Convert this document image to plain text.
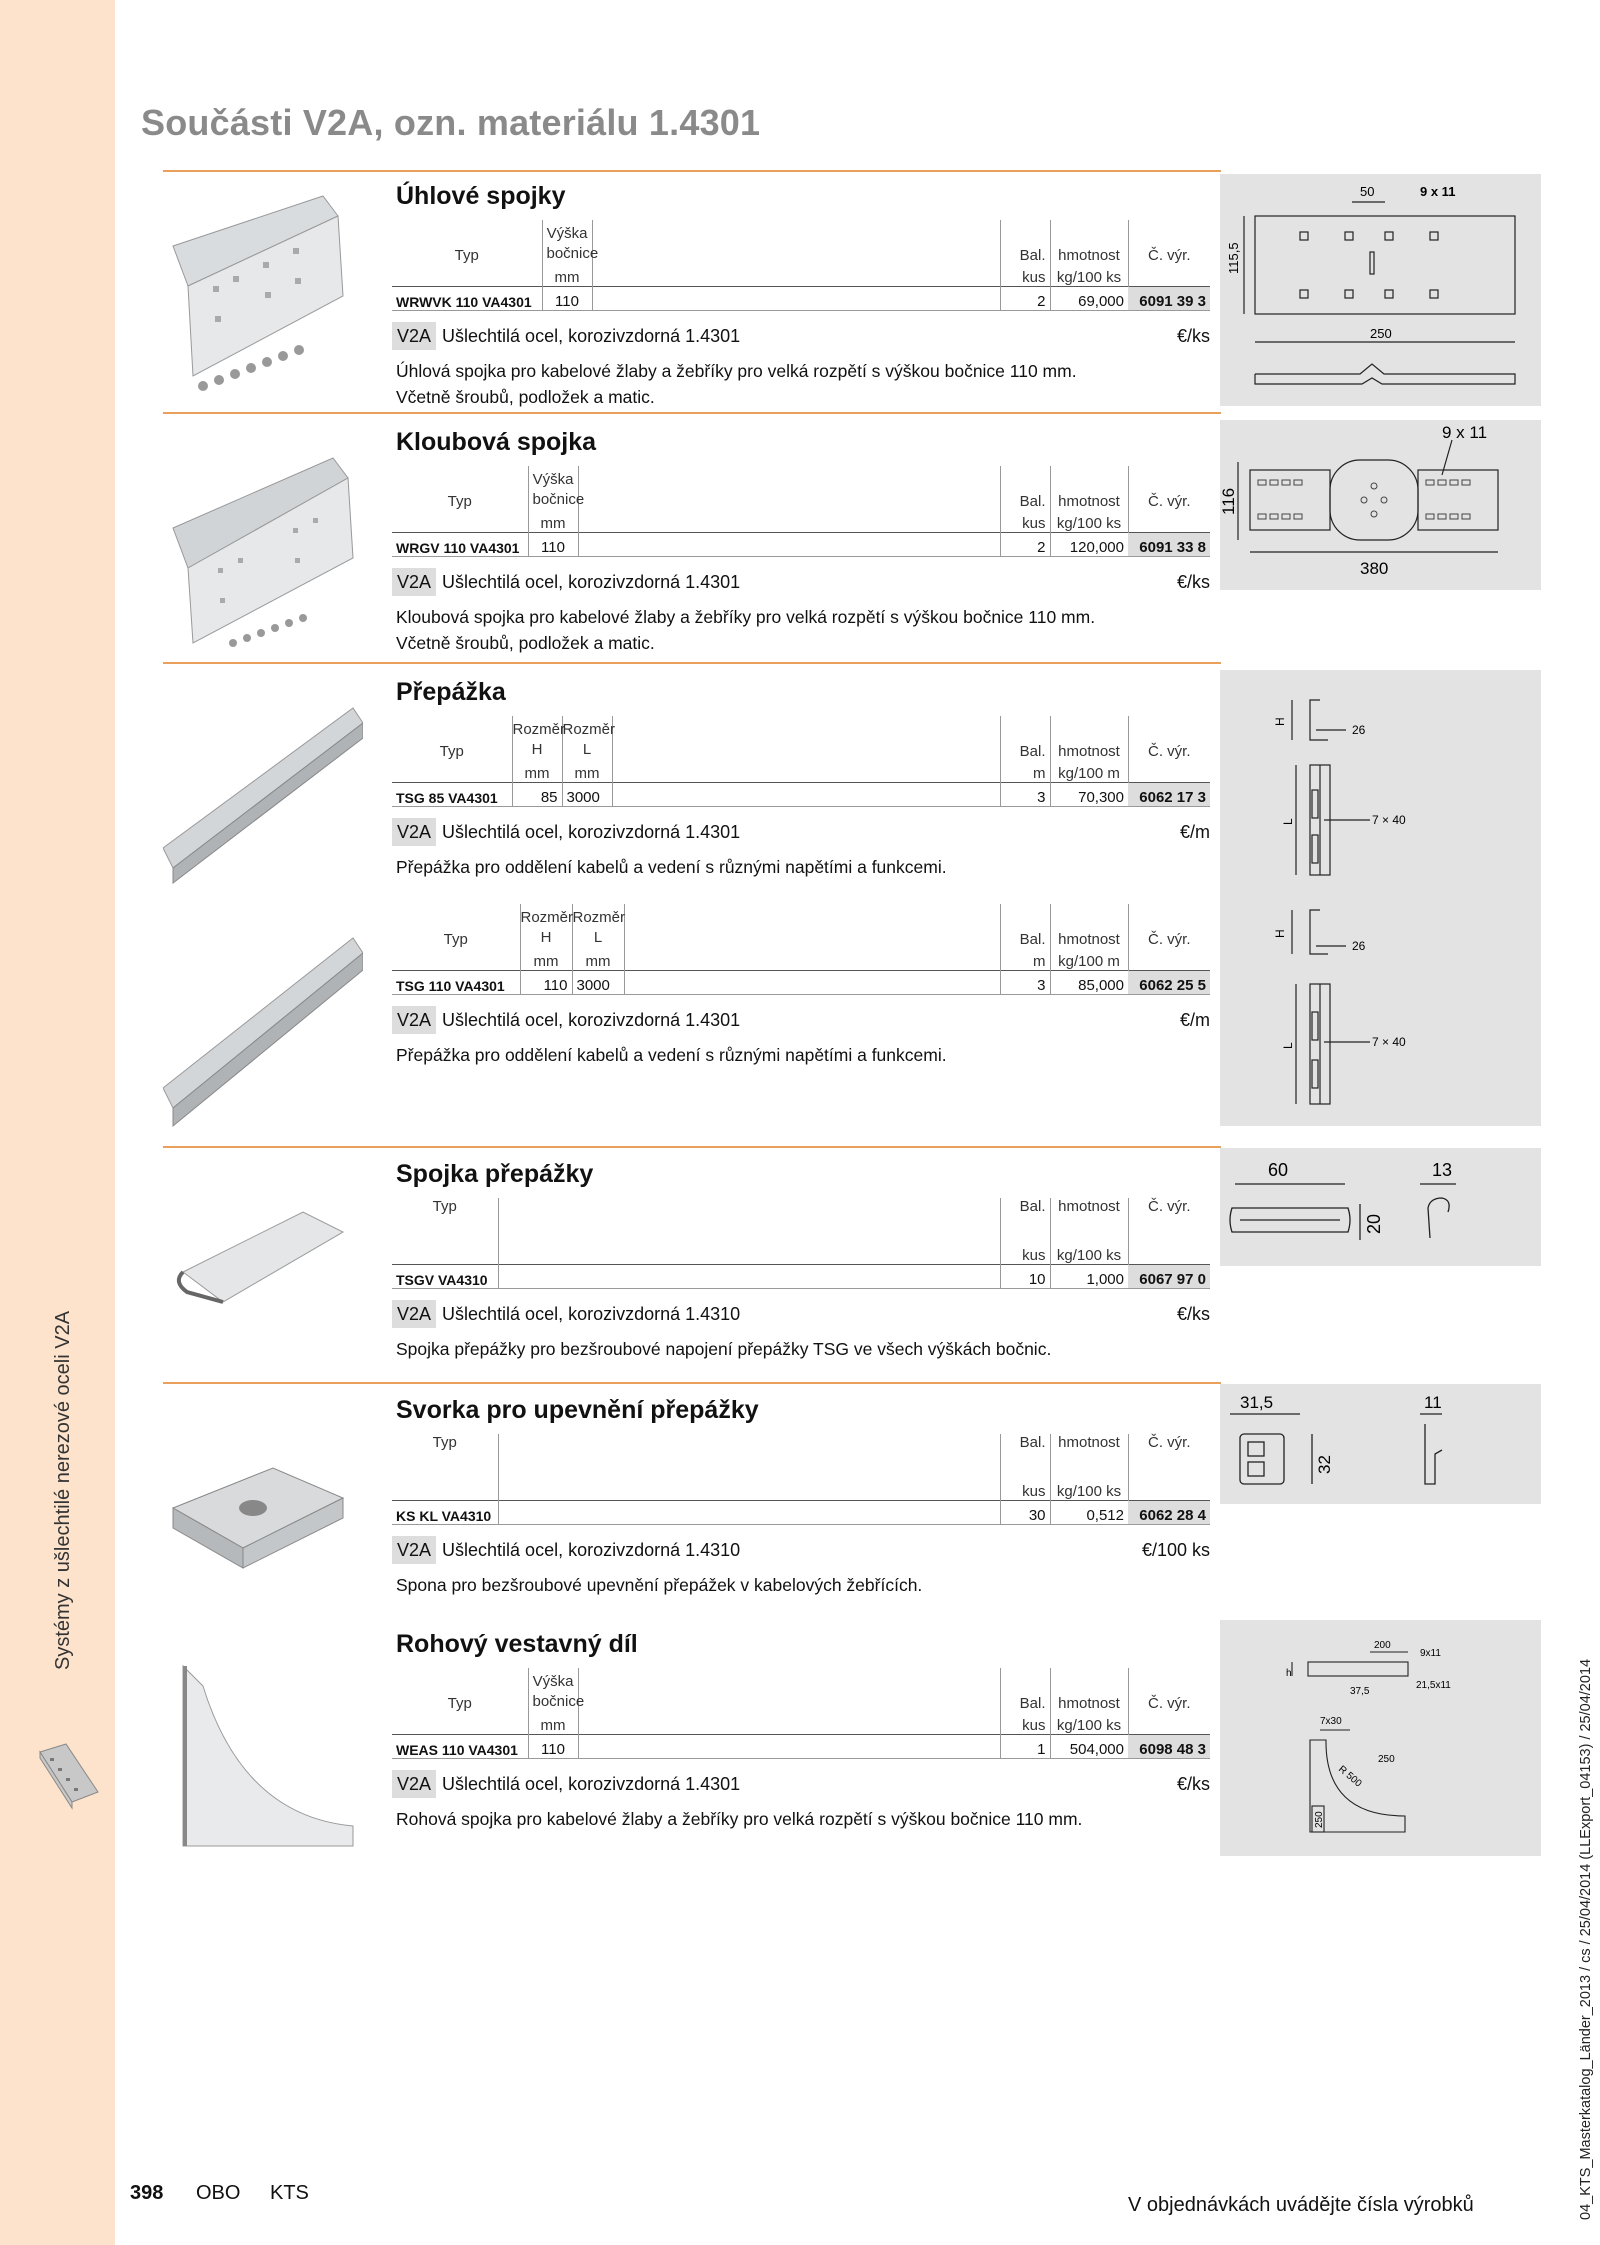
Systémy z ušlechtilé nerezové oceli V2A
Součásti V2A, ozn. materiálu 1.4301
Úhlové spojky
Typ	Výška
bočnice		Bal.	hmotnost	Č. výr.
	mm		kus	kg/100 ks	
WRWVK 110 VA4301	110		2	69,000	6091 39 3
V2A Ušlechtilá ocel, korozivzdorná 1.4301	€/ks
Úhlová spojka pro kabelové žlaby a žebříky pro velká rozpětí s výškou bočnice 110 mm.
Včetně šroubů, podložek a matic.
50	9 x 11
115,5
250
Kloubová spojka
Typ	Výška
bočnice		Bal.	hmotnost	Č. výr.
	mm		kus	kg/100 ks	
WRGV 110 VA4301	110		2	120,000	6091 33 8
V2A Ušlechtilá ocel, korozivzdorná 1.4301	€/ks
Kloubová spojka pro kabelové žlaby a žebříky pro velká rozpětí s výškou bočnice 110 mm.
Včetně šroubů, podložek a matic.
9 x 11
116
380
Přepážka
Typ	Rozměr
H	Rozměr
L		Bal.	hmotnost	Č. výr.
	mm	mm		m	kg/100 m	
TSG 85 VA4301	85	3000		3	70,300	6062 17 3
V2A Ušlechtilá ocel, korozivzdorná 1.4301	€/m
Přepážka pro oddělení kabelů a vedení s různými napětími a funkcemi.
H
26
L	7 × 40
Typ	Rozměr
H	Rozměr
L		Bal.	hmotnost	Č. výr.
	mm	mm		m	kg/100 m	
TSG 110 VA4301	110	3000		3	85,000	6062 25 5
V2A Ušlechtilá ocel, korozivzdorná 1.4301	€/m
Přepážka pro oddělení kabelů a vedení s různými napětími a funkcemi.
H
26
L	7 × 40
Spojka přepážky
Typ		Bal.	hmotnost	Č. výr.
		kus	kg/100 ks	
TSGV VA4310		10	1,000	6067 97 0
V2A Ušlechtilá ocel, korozivzdorná 1.4310	€/ks
Spojka přepážky pro bezšroubové napojení přepážky TSG ve všech výškách bočnic.
60	13
20
Svorka pro upevnění přepážky
Typ		Bal.	hmotnost	Č. výr.
		kus	kg/100 ks	
KS KL VA4310		30	0,512	6062 28 4
V2A Ušlechtilá ocel, korozivzdorná 1.4310	€/100 ks
Spona pro bezšroubové upevnění přepážek v kabelových žebřících.
31,5	11
32
Rohový vestavný díl
Typ	Výška
bočnice		Bal.	hmotnost	Č. výr.
	mm		kus	kg/100 ks	
WEAS 110 VA4301	110		1	504,000	6098 48 3
V2A Ušlechtilá ocel, korozivzdorná 1.4301	€/ks
Rohová spojka pro kabelové žlaby a žebříky pro velká rozpětí s výškou bočnice 110 mm.
200
9x11
h
37,5
21,5x11
7x30
250
R 500
250
398 OBO KTS
V objednávkách uvádějte čísla výrobků	04_KTS_Masterkatalog_Länder_2013 / cs / 25/04/2014 (LLExport_04153) / 25/04/2014
